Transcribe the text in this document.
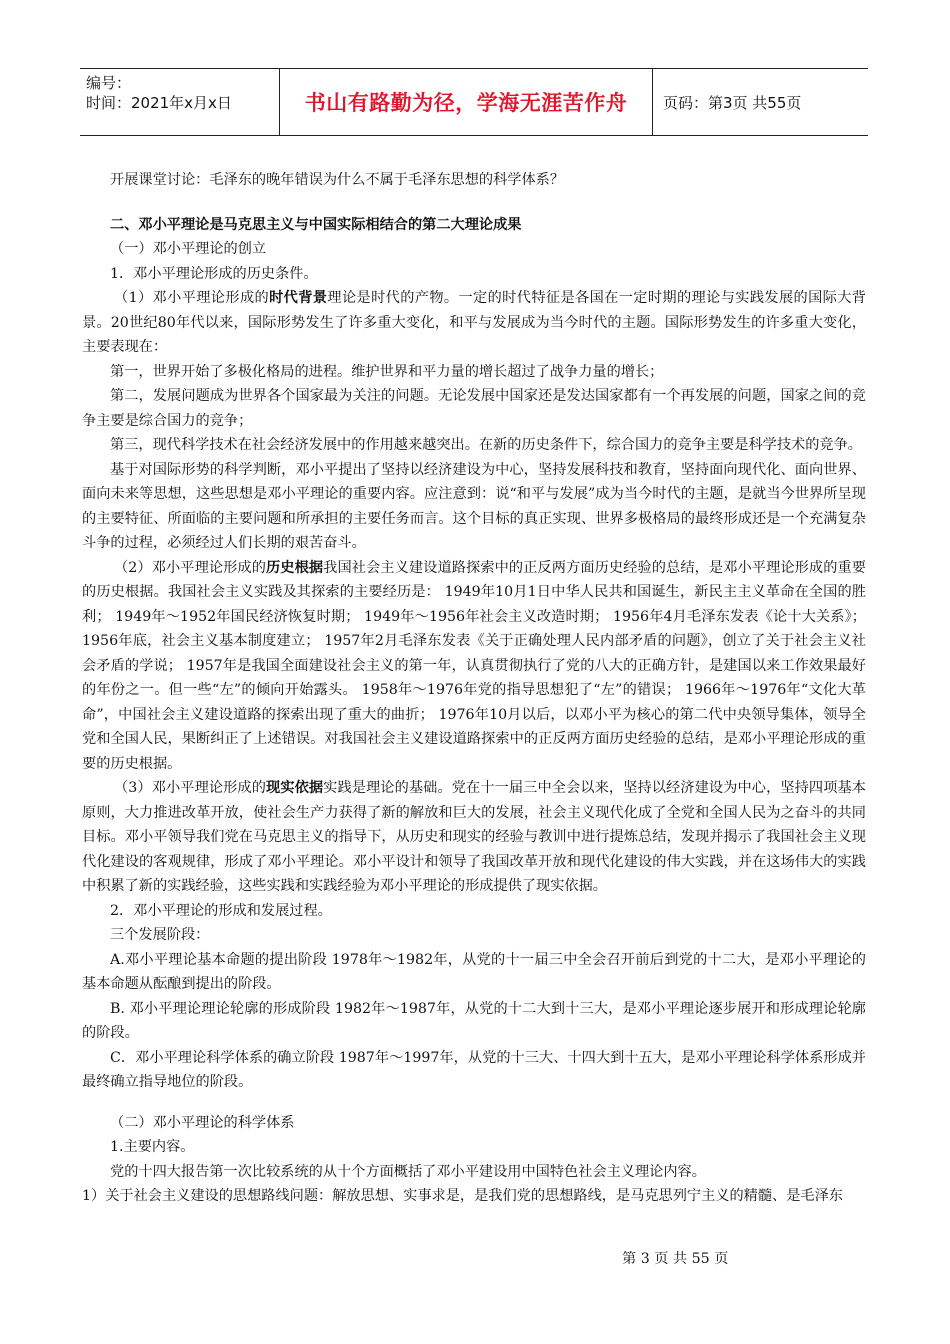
编号：
时间：2021年x月x日	书山有路勤为径，学海无涯苦作舟	页码：第3页 共55页

开展课堂讨论：毛泽东的晚年错误为什么不属于毛泽东思想的科学体系？

二、邓小平理论是马克思主义与中国实际相结合的第二大理论成果

（一）邓小平理论的创立

1．邓小平理论形成的历史条件。

（1）邓小平理论形成的时代背景理论是时代的产物。一定的时代特征是各国在一定时期的理论与实践发展的国际大背景。20世纪80年代以来，国际形势发生了许多重大变化，和平与发展成为当今时代的主题。国际形势发生的许多重大变化，主要表现在：

第一，世界开始了多极化格局的进程。维护世界和平力量的增长超过了战争力量的增长；

第二，发展问题成为世界各个国家最为关注的问题。无论发展中国家还是发达国家都有一个再发展的问题，国家之间的竞争主要是综合国力的竞争；

第三，现代科学技术在社会经济发展中的作用越来越突出。在新的历史条件下，综合国力的竞争主要是科学技术的竞争。

基于对国际形势的科学判断，邓小平提出了坚持以经济建设为中心，坚持发展科技和教育，坚持面向现代化、面向世界、面向未来等思想，这些思想是邓小平理论的重要内容。应注意到：说“和平与发展”成为当今时代的主题，是就当今世界所呈现的主要特征、所面临的主要问题和所承担的主要任务而言。这个目标的真正实现、世界多极格局的最终形成还是一个充满复杂斗争的过程，必须经过人们长期的艰苦奋斗。

（2）邓小平理论形成的历史根据我国社会主义建设道路探索中的正反两方面历史经验的总结，是邓小平理论形成的重要的历史根据。我国社会主义实践及其探索的主要经历是： 1949年10月1日中华人民共和国诞生，新民主主义革命在全国的胜利； 1949年～1952年国民经济恢复时期； 1949年～1956年社会主义改造时期； 1956年4月毛泽东发表《论十大关系》； 1956年底，社会主义基本制度建立； 1957年2月毛泽东发表《关于正确处理人民内部矛盾的问题》，创立了关于社会主义社会矛盾的学说； 1957年是我国全面建设社会主义的第一年，认真贯彻执行了党的八大的正确方针，是建国以来工作效果最好的年份之一。但一些“左”的倾向开始露头。 1958年～1976年党的指导思想犯了“左”的错误； 1966年～1976年“文化大革命”，中国社会主义建设道路的探索出现了重大的曲折； 1976年10月以后，以邓小平为核心的第二代中央领导集体，领导全党和全国人民，果断纠正了上述错误。对我国社会主义建设道路探索中的正反两方面历史经验的总结，是邓小平理论形成的重要的历史根据。

（3）邓小平理论形成的现实依据实践是理论的基础。党在十一届三中全会以来，坚持以经济建设为中心，坚持四项基本原则，大力推进改革开放，使社会生产力获得了新的解放和巨大的发展，社会主义现代化成了全党和全国人民为之奋斗的共同目标。邓小平领导我们党在马克思主义的指导下，从历史和现实的经验与教训中进行提炼总结，发现并揭示了我国社会主义现代化建设的客观规律，形成了邓小平理论。邓小平设计和领导了我国改革开放和现代化建设的伟大实践，并在这场伟大的实践中积累了新的实践经验，这些实践和实践经验为邓小平理论的形成提供了现实依据。

2．邓小平理论的形成和发展过程。

三个发展阶段：

A.邓小平理论基本命题的提出阶段 1978年～1982年，从党的十一届三中全会召开前后到党的十二大，是邓小平理论的基本命题从酝酿到提出的阶段。

B. 邓小平理论理论轮廓的形成阶段 1982年～1987年，从党的十二大到十三大，是邓小平理论逐步展开和形成理论轮廓的阶段。

C．邓小平理论科学体系的确立阶段 1987年～1997年，从党的十三大、十四大到十五大，是邓小平理论科学体系形成并最终确立指导地位的阶段。

（二）邓小平理论的科学体系

1.主要内容。

党的十四大报告第一次比较系统的从十个方面概括了邓小平建设用中国特色社会主义理论内容。

1）关于社会主义建设的思想路线问题：解放思想、实事求是，是我们党的思想路线，是马克思列宁主义的精髓、是毛泽东

第 3 页 共 55 页
